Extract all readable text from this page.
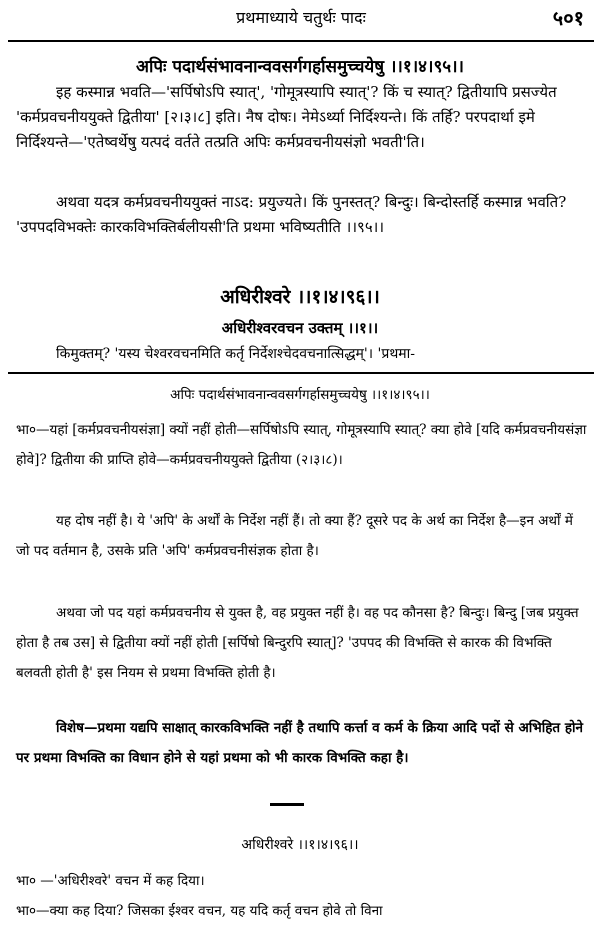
प्रथमाध्याये चतुर्थः पादः	५०१
अपिः पदार्थसंभावनान्ववसर्गगर्हासमुच्चयेषु ।।१।४।९५।।

इह कस्मान्न भवति—'सर्पिषोऽपि स्यात्', 'गोमूत्रस्यापि स्यात्'? किं च स्यात्? द्वितीयापि प्रसज्येत 'कर्मप्रवचनीययुक्ते द्वितीया' [२।३।८] इति। नैष दोषः। नेमेऽर्थ्या निर्दिश्यन्ते। किं तर्हि? परपदार्था इमे निर्दिश्यन्ते—'एतेष्वर्थेषु यत्पदं वर्तते तत्प्रति अपिः कर्मप्रवचनीयसंज्ञो भवती'ति।

अथवा यदत्र कर्मप्रवचनीययुक्तं नाऽद: प्रयुज्यते। किं पुनस्तत्? बिन्दुः। बिन्दोस्तर्हि कस्मान्न भवति? 'उपपदविभक्तेः कारकविभक्तिर्बलीयसी'ति प्रथमा भविष्यतीति ।।९५।।

अधिरीश्वरे ।।१।४।९६।।
अधिरीश्वरवचन उक्तम् ।।१।।

किमुक्तम्? 'यस्य चेश्वरवचनमिति कर्तृ निर्देशश्चेदवचनात्सिद्धम्'। 'प्रथमा-

अपिः पदार्थसंभावनान्ववसर्गगर्हासमुच्चयेषु ।।१।४।९५।।

भा०—यहां [कर्मप्रवचनीयसंज्ञा] क्यों नहीं होती—सर्पिषोऽपि स्यात्, गोमूत्रस्यापि स्यात्? क्या होवे [यदि कर्मप्रवचनीयसंज्ञा होवे]? द्वितीया की प्राप्ति होवे—कर्मप्रवचनीययुक्ते द्वितीया (२।३।८)।

यह दोष नहीं है। ये 'अपि' के अर्थों के निर्देश नहीं हैं। तो क्या हैं? दूसरे पद के अर्थ का निर्देश है—इन अर्थों में जो पद वर्तमान है, उसके प्रति 'अपि' कर्मप्रवचनीसंज्ञक होता है।

अथवा जो पद यहां कर्मप्रवचनीय से युक्त है, वह प्रयुक्त नहीं है। वह पद कौनसा है? बिन्दुः। बिन्दु [जब प्रयुक्त होता है तब उस] से द्वितीया क्यों नहीं होती [सर्पिषो बिन्दुरपि स्यात्]? 'उपपद की विभक्ति से कारक की विभक्ति बलवती होती है' इस नियम से प्रथमा विभक्ति होती है।

विशेष—प्रथमा यद्यपि साक्षात् कारकविभक्ति नहीं है तथापि कर्त्ता व कर्म के क्रिया आदि पदों से अभिहित होने पर प्रथमा विभक्ति का विधान होने से यहां प्रथमा को भी कारक विभक्ति कहा है।

अधिरीश्वरे ।।१।४।९६।।

भा० —'अधिरीश्वरे' वचन में कह दिया।

भा०—क्या कह दिया? जिसका ईश्वर वचन, यह यदि कर्तृ वचन होवे तो विना
